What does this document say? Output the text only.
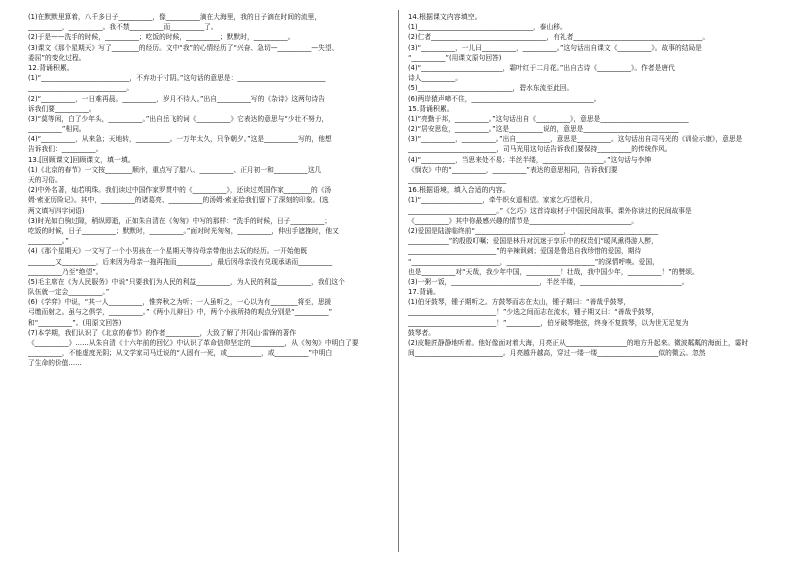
(1)在默默里算着，八千多日子__________，像__________滴在大海里，我的日子滴在时间的流里，
__________，__________。我不禁__________而__________了。
(2)于是——洗手的时候，__________；吃饭的时候，__________；默默时，__________。
(3)课文《那个星期天》写了________的经历。文中“我”的心情经历了“兴奋、急切—__________—失望、
委屈”的变化过程。
12.背诵积累。
(1)“__________________________，不弃功于寸阴。”这句话的意思是：__________________________
_____________________________。
(2)“__________，一日难再晨。__________，岁月不待人。”出自__________写的《杂诗》这两句诗告
诉我们要__________。
(3)“莫等闲，白了少年头，__________。”出自岳飞的词《__________》它表达的意思与“少壮不努力，
__________”相同。
(4)“__________，从来急；天地转，__________。一万年太久，只争朝夕。”这是__________写的，他想
告诉我们：__________。
13.[回顾课文]回顾课文，填一填。
(1)《北京的春节》一文按________顺序，重点写了腊八、__________、正月初一和__________这几
天的习俗。
(2)中外名著，灿若明珠。我们读过中国作家罗贯中的《__________》，还读过英国作家________的《汤
姆·索亚历险记》。其中，__________的诸葛亮、__________的汤姆·索亚给我们留下了深刻的印象。(选
两文填写四字词语)
(3)时光如白驹过隙，稍纵即逝，正如朱自清在《匆匆》中写的那样：“洗手的时候，日子__________；
吃饭的时候，日子__________；默默时，__________。”面对时光匆匆，__________，伸出手遮挽时，他又
__________。”
(4)《那个星期天》一文写了一个小男孩在一个星期天等待母亲带他出去玩的经历。一开始他既
________又__________，后来因为母亲一拖再拖而__________，最后因母亲没有兑现承诺而__________
__________乃至“绝望”。
(5)毛主席在《为人民服务》中说“只要我们为人民的利益__________，为人民的利益__________，我们这个
队伍就一定会__________。”
(6)《学弈》中说，“其一人__________，惟弈秋之为听；一人虽听之，一心以为有________将至，思援
弓缴而射之。虽与之俱学，__________。”《两小儿辩日》中，两个小孩所持的观点分别是“__________”
和“__________”。(用原文回答)
(7)本学期，我们认识了《北京的春节》的作者__________，大致了解了井冈山·雷锋的著作
《__________》……从朱自清《十六年前的回忆》中认识了革命信仰坚定的__________，从《匆匆》中明白了要
__________，不能虚度光阴；从文学家司马迁说的“人固有一死，或__________，或__________”中明白
了生命的价值……
14.根据课文内容填空。
(1)__________________________________，泰山移。
(2)仁者__________________________________，有礼者______________________________________。
(3)“__________，一儿曰__________，__________。”这句话出自课文《__________》。故事的结局是
“__________”(用课文原句回答)
(4)“________________________，霜叶红于二月花。”出自古诗《__________》。作者是唐代
诗人__________。
(5)____________________________，碧水东流至此回。
(6)两岸猿声啼不住，____________________________________。
15.背诵积累。
(1)“亮勤于邦，__________。”这句话出自《__________》，意思是__________________________
(2)“居安思危，__________。”这是__________说的，意思是____________________________
(3)“__________，__________。”出自__________，意思是__________。这句话出自司马光的《训俭示康》，意思是
__________________________，司马光用这句话告诉我们要保持__________的传统作风。
(4)“__________，当思来处不易；半丝半缕，__________________。”这句话与李绅
《悯农》中的“__________，__________”表达的意思相同，告诉我们要
_____________________________
16.根据语境，填入合适的内容。
(1)“__________________，牵牛织女遥相望。家家乞巧望秋月，
__________________________。”《乞巧》这首诗取材于中国民间故事。课外你读过的民间故事是
《__________》其中你最感兴趣的情节是______________________________。
(2)爱国是陆游临终前“__________________________，__________________________
____________”的殷殷叮嘱；爱国是林升对沉迷于享乐中的权贵们“暖风熏得游人醉，
__________________________”的辛辣讽刺；爱国是鲁迅自我珍惜的爱国，期待
“__________________________，__________________________”的深情呼唤。爱国，
也是__________对“天哉，我少年中国，__________！壮哉，我中国少年，__________！”的赞颂。
(3)一粥一饭，__________________________，半丝半缕，______________________________。
17.背诵。
(1)伯牙鼓琴，锺子期听之。方鼓琴而志在太山，锺子期曰：“善哉乎鼓琴，
__________________________！”少选之间而志在流水，锺子期又曰：“善哉乎鼓琴，
__________________________！”__________，伯牙破琴绝弦，终身不复鼓琴，以为世无足复为
鼓琴者。
(2)皮鞋匠静静地听着。他好像面对着大海，月亮正从__________________的地方升起来。微波粼粼的海面上，霎时
间__________________________。月亮越升越高，穿过一缕一缕__________________似的微云。忽然
